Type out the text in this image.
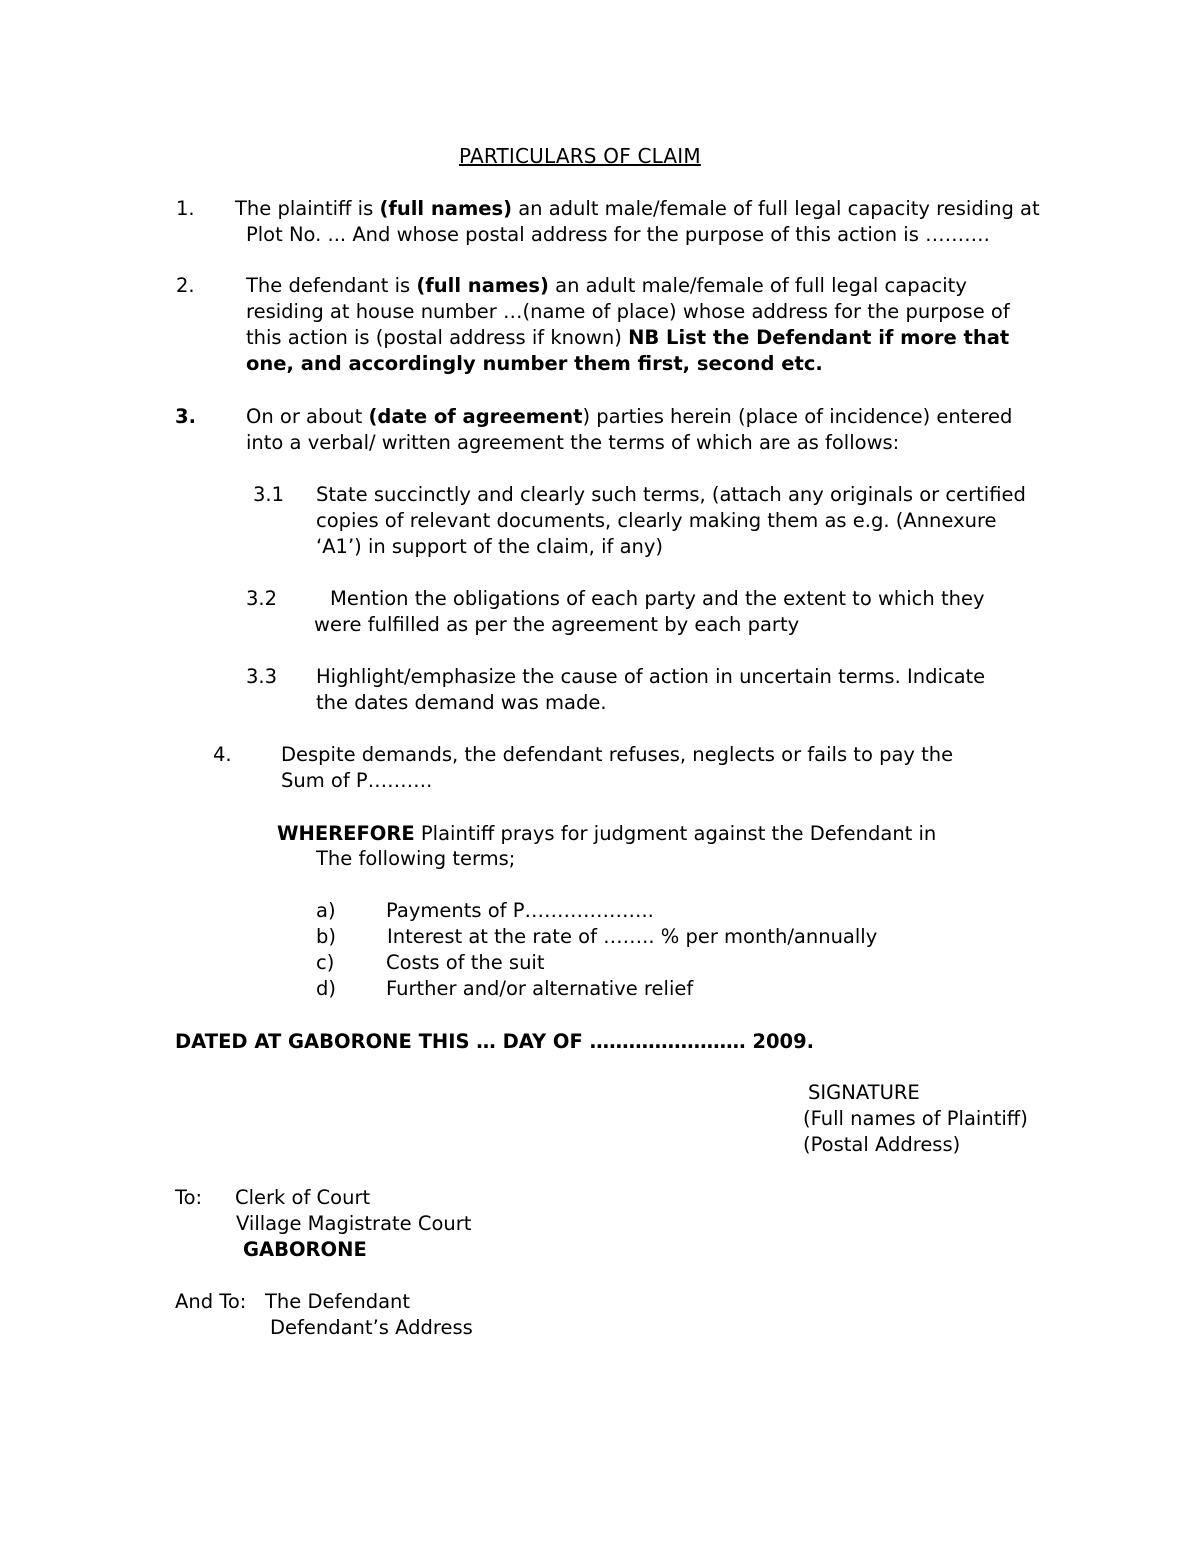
PARTICULARS OF CLAIM
1. The plaintiff is (full names) an adult male/female of full legal capacity residing at
Plot No. ... And whose postal address for the purpose of this action is ……….
2.	The defendant is (full names) an adult male/female of full legal capacity
residing at house number …(name of place) whose address for the purpose of
this action is (postal address if known) NB List the Defendant if more that
one, and accordingly number them first, second etc.
3.	On or about (date of agreement) parties herein (place of incidence) entered
into a verbal/ written agreement the terms of which are as follows:
3.1 State succinctly and clearly such terms, (attach any originals or certified
copies of relevant documents, clearly making them as e.g. (Annexure
‘A1’) in support of the claim, if any)
3.2	Mention the obligations of each party and the extent to which they
were fulfilled as per the agreement by each party
3.3 Highlight/emphasize the cause of action in uncertain terms. Indicate
the dates demand was made.
4.	Despite demands, the defendant refuses, neglects or fails to pay the
Sum of P……….
WHEREFORE Plaintiff prays for judgment against the Defendant in
The following terms;
a)	Payments of P………………..
b)	Interest at the rate of …….. % per month/annually
c)	Costs of the suit
d)	Further and/or alternative relief
DATED AT GABORONE THIS … DAY OF …………………… 2009.
SIGNATURE
(Full names of Plaintiff)
(Postal Address)
To: Clerk of Court
Village Magistrate Court
GABORONE
And To: The Defendant
Defendant’s Address
